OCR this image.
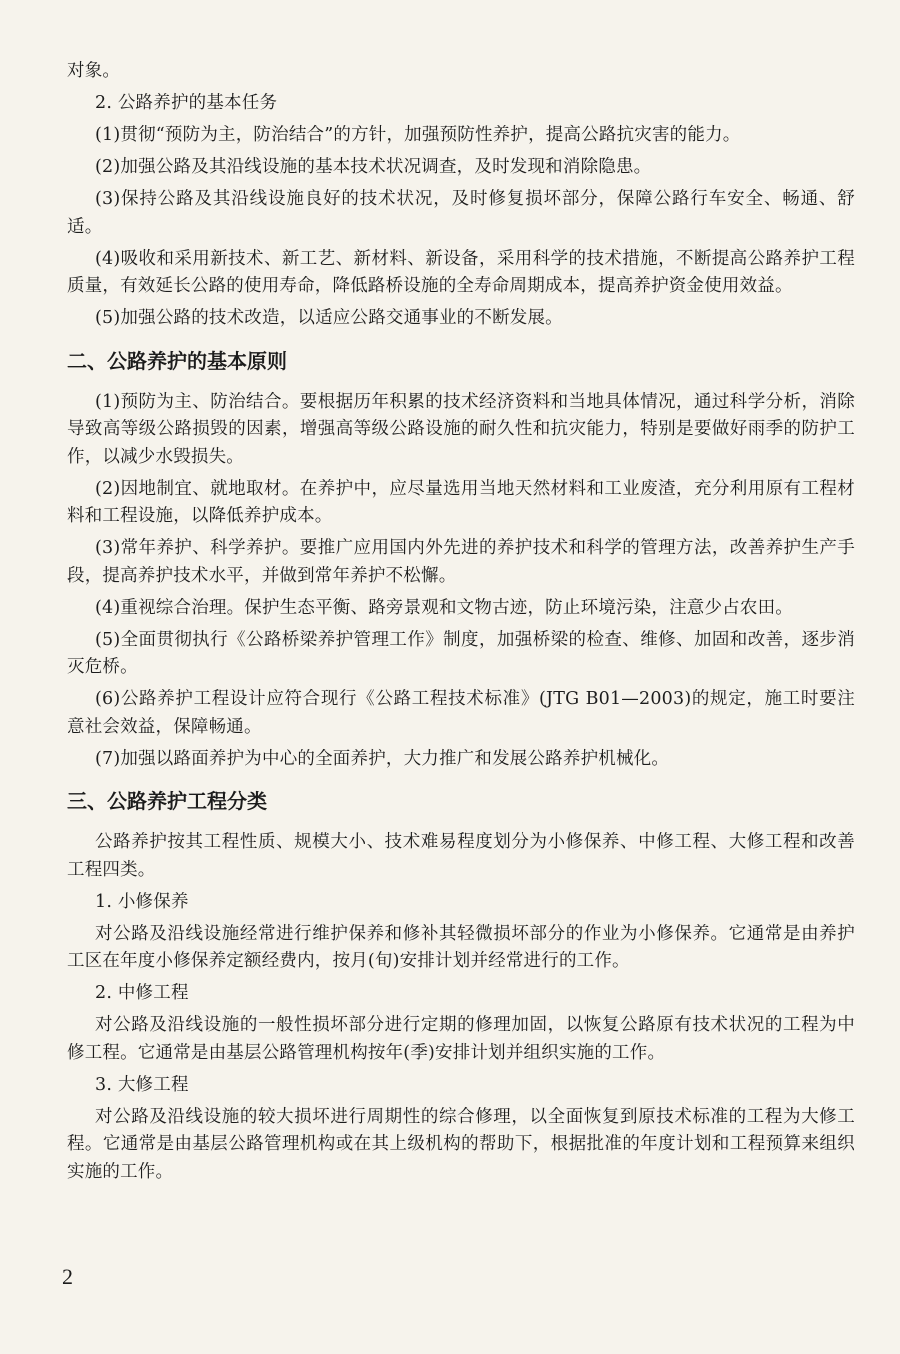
对象。

2. 公路养护的基本任务

(1)贯彻“预防为主，防治结合”的方针，加强预防性养护，提高公路抗灾害的能力。

(2)加强公路及其沿线设施的基本技术状况调查，及时发现和消除隐患。

(3)保持公路及其沿线设施良好的技术状况，及时修复损坏部分，保障公路行车安全、畅通、舒适。

(4)吸收和采用新技术、新工艺、新材料、新设备，采用科学的技术措施，不断提高公路养护工程质量，有效延长公路的使用寿命，降低路桥设施的全寿命周期成本，提高养护资金使用效益。

(5)加强公路的技术改造，以适应公路交通事业的不断发展。

二、公路养护的基本原则

(1)预防为主、防治结合。要根据历年积累的技术经济资料和当地具体情况，通过科学分析，消除导致高等级公路损毁的因素，增强高等级公路设施的耐久性和抗灾能力，特别是要做好雨季的防护工作，以减少水毁损失。

(2)因地制宜、就地取材。在养护中，应尽量选用当地天然材料和工业废渣，充分利用原有工程材料和工程设施，以降低养护成本。

(3)常年养护、科学养护。要推广应用国内外先进的养护技术和科学的管理方法，改善养护生产手段，提高养护技术水平，并做到常年养护不松懈。

(4)重视综合治理。保护生态平衡、路旁景观和文物古迹，防止环境污染，注意少占农田。

(5)全面贯彻执行《公路桥梁养护管理工作》制度，加强桥梁的检查、维修、加固和改善，逐步消灭危桥。

(6)公路养护工程设计应符合现行《公路工程技术标准》(JTG B01—2003)的规定，施工时要注意社会效益，保障畅通。

(7)加强以路面养护为中心的全面养护，大力推广和发展公路养护机械化。

三、公路养护工程分类

公路养护按其工程性质、规模大小、技术难易程度划分为小修保养、中修工程、大修工程和改善工程四类。

1. 小修保养

对公路及沿线设施经常进行维护保养和修补其轻微损坏部分的作业为小修保养。它通常是由养护工区在年度小修保养定额经费内，按月(旬)安排计划并经常进行的工作。

2. 中修工程

对公路及沿线设施的一般性损坏部分进行定期的修理加固，以恢复公路原有技术状况的工程为中修工程。它通常是由基层公路管理机构按年(季)安排计划并组织实施的工作。

3. 大修工程

对公路及沿线设施的较大损坏进行周期性的综合修理，以全面恢复到原技术标准的工程为大修工程。它通常是由基层公路管理机构或在其上级机构的帮助下，根据批准的年度计划和工程预算来组织实施的工作。

2
